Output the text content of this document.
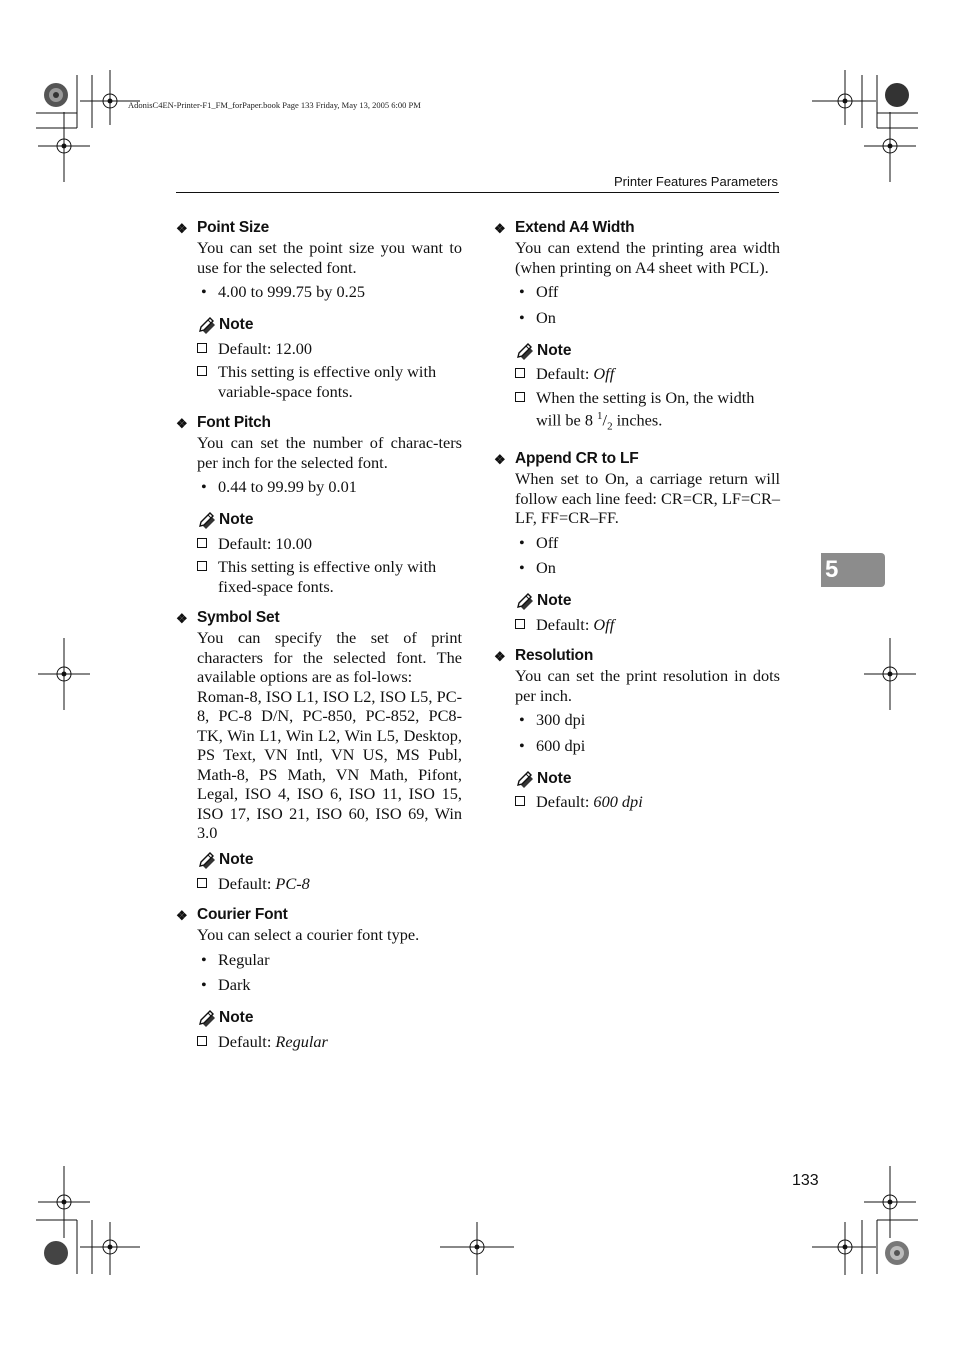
AdonisC4EN-Printer-F1_FM_forPaper.book Page 133 Friday, May 13, 2005 6:00 PM
Printer Features Parameters
❖ Point Size
You can set the point size you want to use for the selected font.
• 4.00 to 999.75 by 0.25
Note
Default: 12.00
This setting is effective only with variable-space fonts.
❖ Font Pitch
You can set the number of charac-ters per inch for the selected font.
• 0.44 to 99.99 by 0.01
Note
Default: 10.00
This setting is effective only with fixed-space fonts.
❖ Symbol Set
You can specify the set of print characters for the selected font. The available options are as fol-lows:
Roman-8, ISO L1, ISO L2, ISO L5, PC-8, PC-8 D/N, PC-850, PC-852, PC8-TK, Win L1, Win L2, Win L5, Desktop, PS Text, VN Intl, VN US, MS Publ, Math-8, PS Math, VN Math, Pifont, Legal, ISO 4, ISO 6, ISO 11, ISO 15, ISO 17, ISO 21, ISO 60, ISO 69, Win 3.0
Note
Default: PC-8
❖ Courier Font
You can select a courier font type.
• Regular
• Dark
Note
Default: Regular
❖ Extend A4 Width
You can extend the printing area width (when printing on A4 sheet with PCL).
• Off
• On
Note
Default: Off
When the setting is On, the width will be 8 $^1/_2$ inches.
❖ Append CR to LF
When set to On, a carriage return will follow each line feed: CR=CR, LF=CR–LF, FF=CR–FF.
• Off
• On
Note
Default: Off
❖ Resolution
You can set the print resolution in dots per inch.
• 300 dpi
• 600 dpi
Note
Default: 600 dpi
5
133
